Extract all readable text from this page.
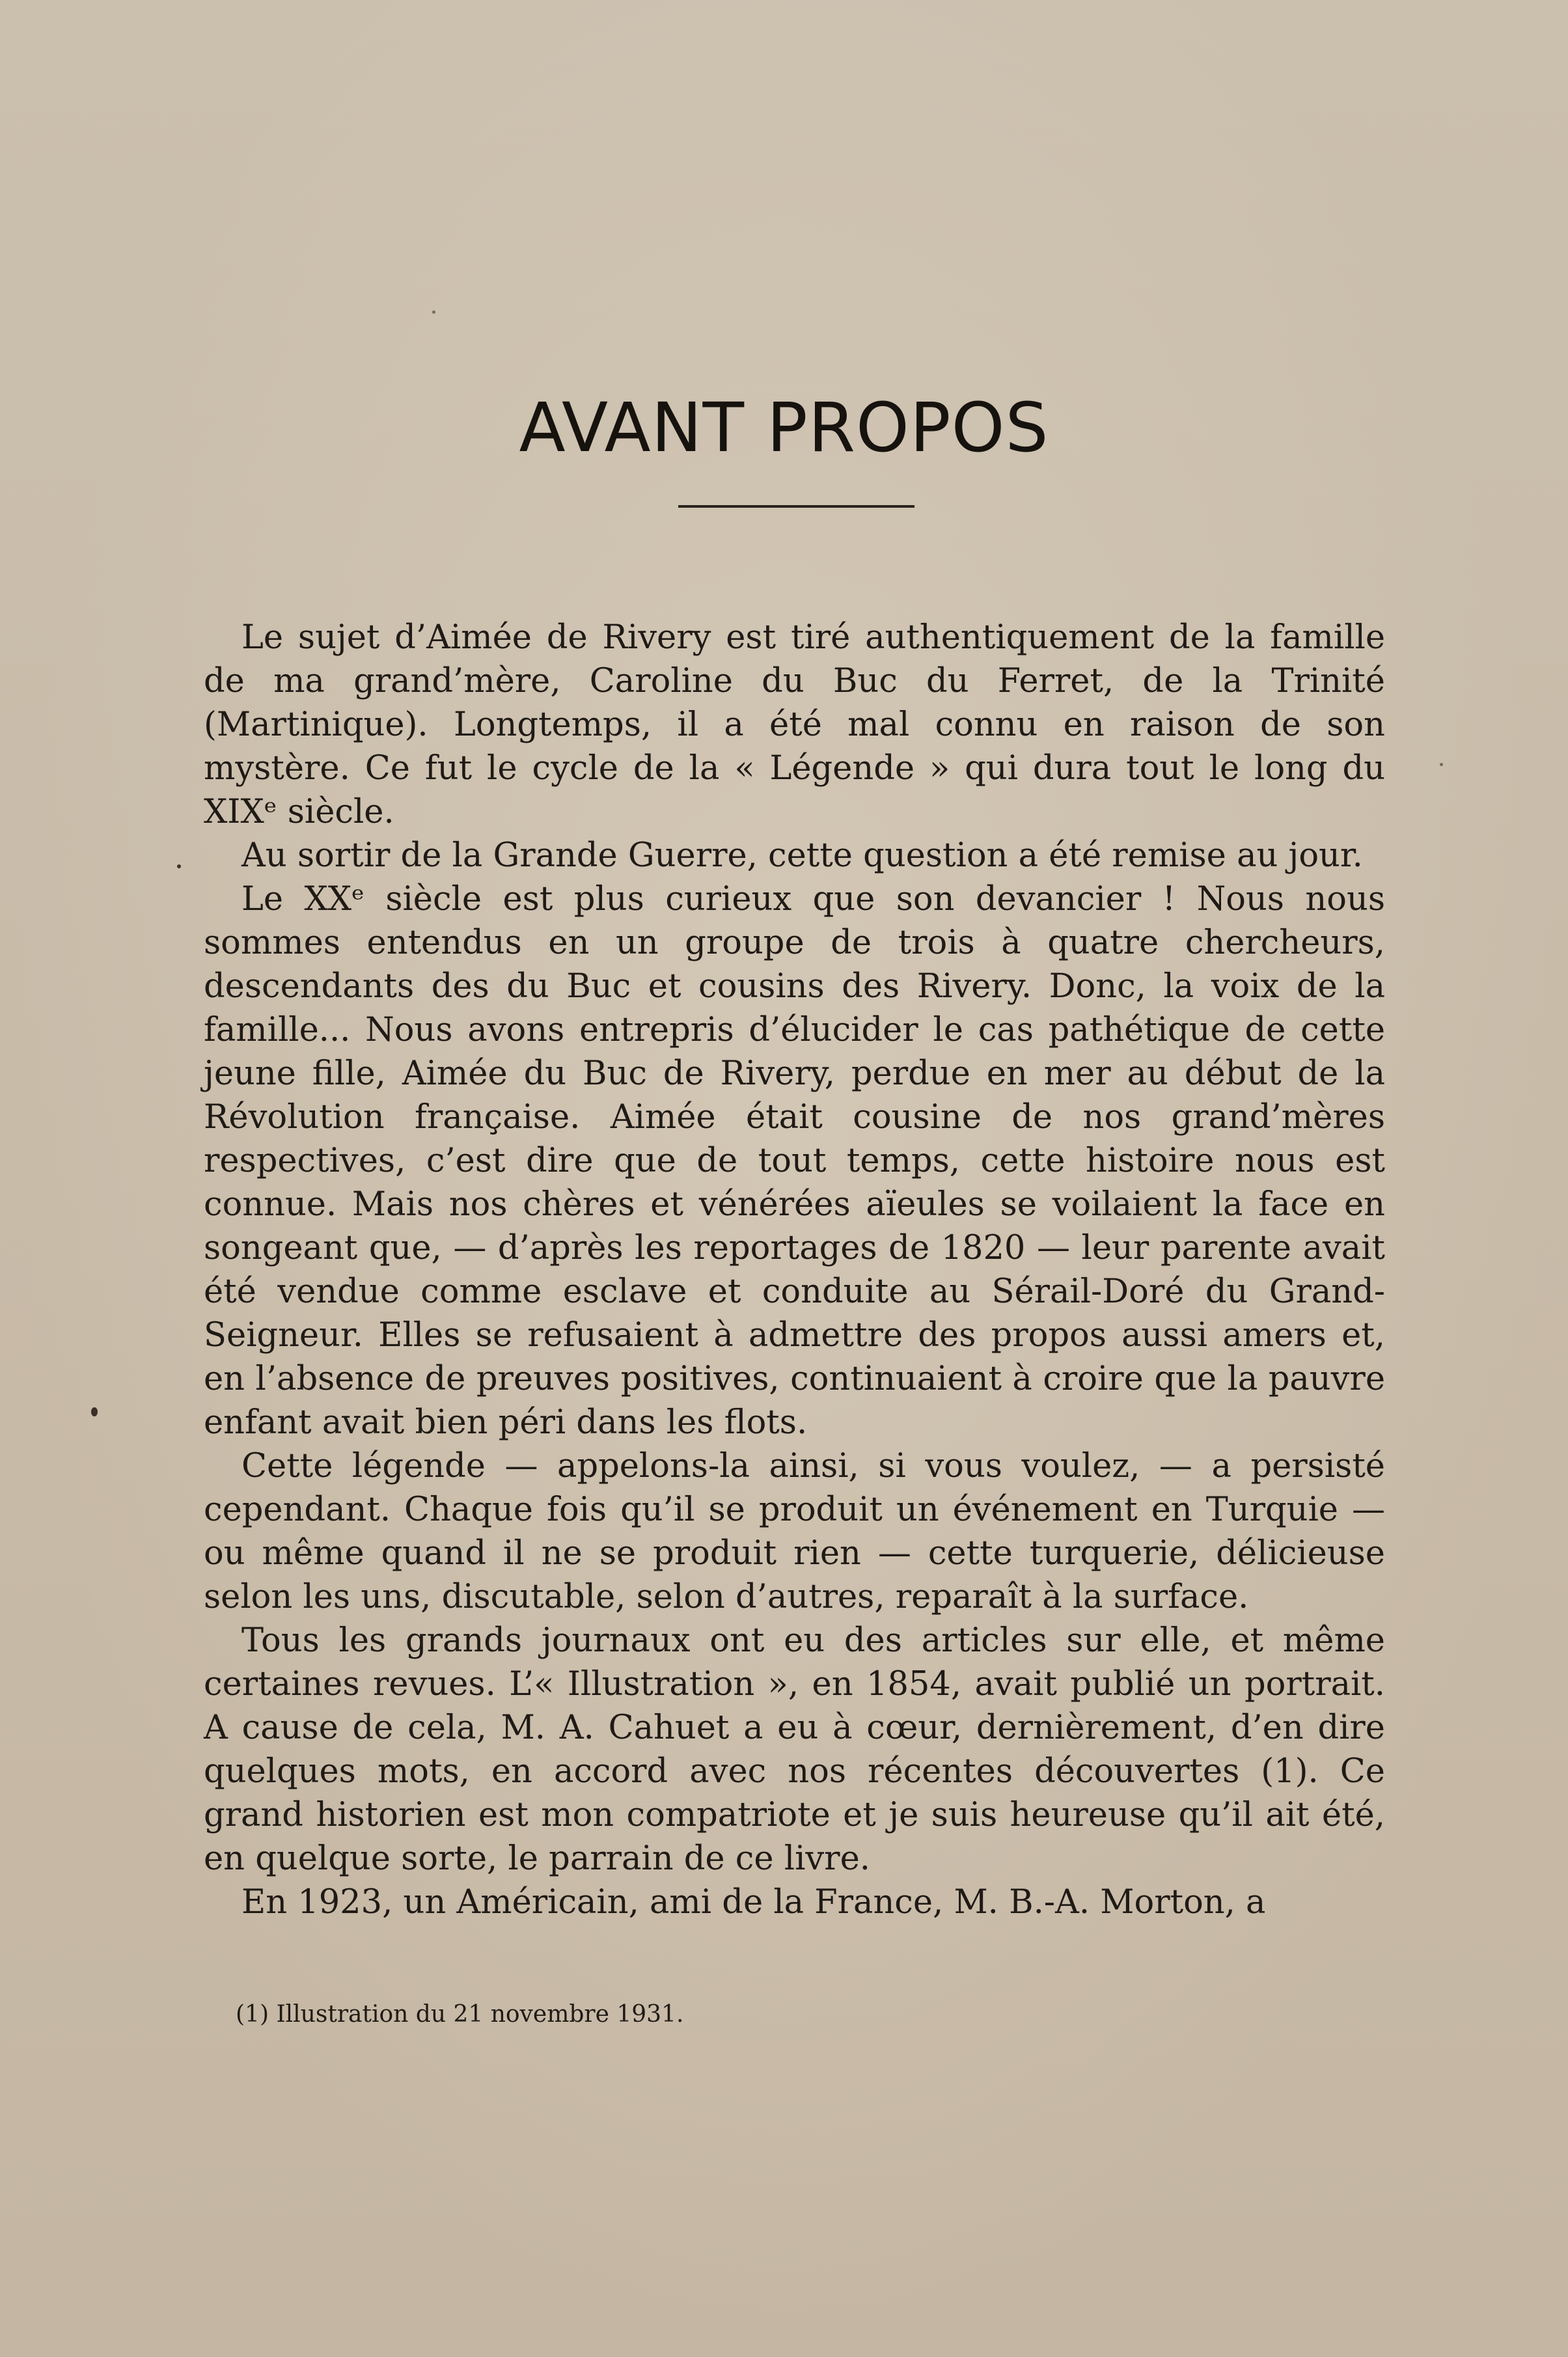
AVANT PROPOS

Le sujet d’Aimée de Rivery est tiré authentiquement de la famille de ma grand’mère, Caroline du Buc du Ferret, de la Trinité (Martinique). Longtemps, il a été mal connu en raison de son mystère. Ce fut le cycle de la « Légende » qui dura tout le long du XIXᵉ siècle.

Au sortir de la Grande Guerre, cette question a été remise au jour.

Le XXᵉ siècle est plus curieux que son devancier ! Nous nous sommes entendus en un groupe de trois à quatre chercheurs, descendants des du Buc et cousins des Rivery. Donc, la voix de la famille... Nous avons entrepris d’élucider le cas pathétique de cette jeune fille, Aimée du Buc de Rivery, perdue en mer au début de la Révolution française. Aimée était cousine de nos grand’mères respectives, c’est dire que de tout temps, cette histoire nous est connue. Mais nos chères et vénérées aïeules se voilaient la face en songeant que, — d’après les reportages de 1820 — leur parente avait été vendue comme esclave et conduite au Sérail-Doré du Grand-Seigneur. Elles se refusaient à admettre des propos aussi amers et, en l’absence de preuves positives, continuaient à croire que la pauvre enfant avait bien péri dans les flots.

Cette légende — appelons-la ainsi, si vous voulez, — a persisté cependant. Chaque fois qu’il se produit un événement en Turquie — ou même quand il ne se produit rien — cette turquerie, délicieuse selon les uns, discutable, selon d’autres, reparaît à la surface.

Tous les grands journaux ont eu des articles sur elle, et même certaines revues. L’« Illustration », en 1854, avait publié un portrait. A cause de cela, M. A. Cahuet a eu à cœur, dernièrement, d’en dire quelques mots, en accord avec nos récentes découvertes (1). Ce grand historien est mon compatriote et je suis heureuse qu’il ait été, en quelque sorte, le parrain de ce livre.

En 1923, un Américain, ami de la France, M. B.-A. Morton, a

(1) Illustration du 21 novembre 1931.
